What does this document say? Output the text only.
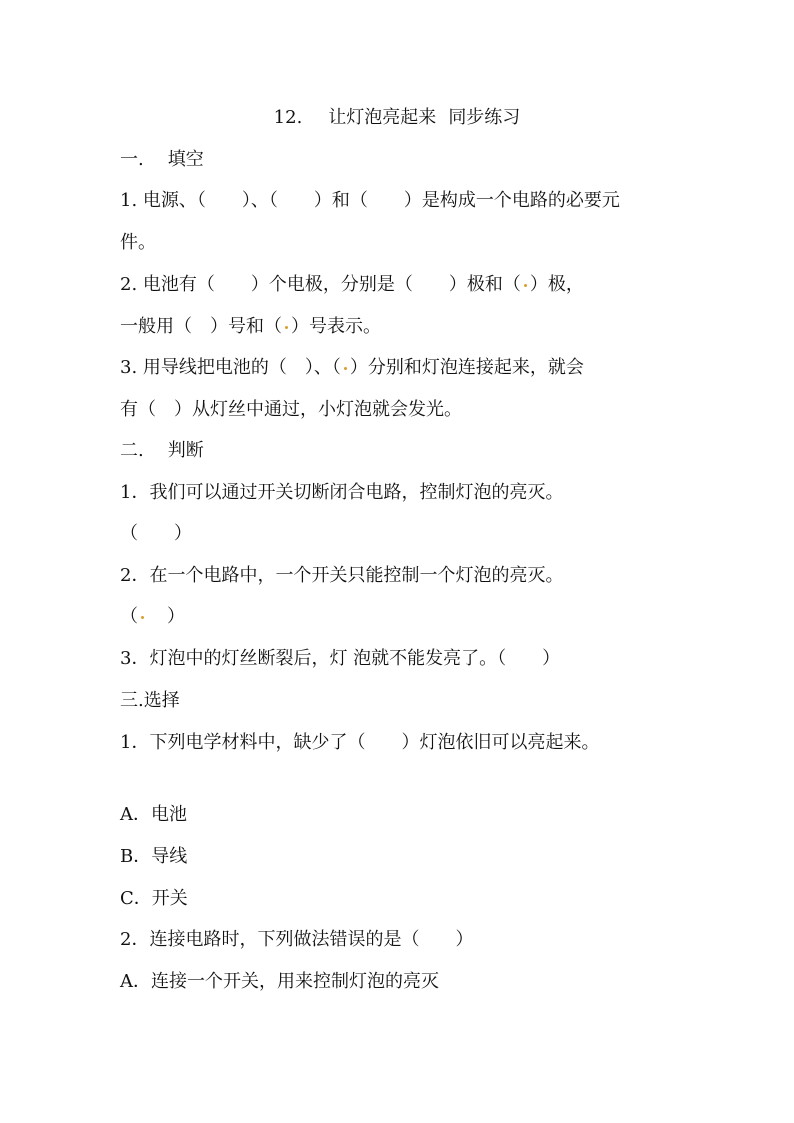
12. 让灯泡亮起来 同步练习
一. 填空
1. 电源、（　　）、（　　）和（　　）是构成一个电路的必要元
件。
2. 电池有（　　）个电极，分别是（　　）极和（ ）极，
一般用（　）号和（ ）号表示。
3. 用导线把电池的（　）、（ ）分别和灯泡连接起来，就会
有（　）从灯丝中通过，小灯泡就会发光。
二. 判断
1．我们可以通过开关切断闭合电路，控制灯泡的亮灭。
（　　）
2．在一个电路中，一个开关只能控制一个灯泡的亮灭。
（ ）
3．灯泡中的灯丝断裂后，灯 泡就不能发亮了。（　　）
三.选择
1．下列电学材料中，缺少了（　　）灯泡依旧可以亮起来。
A．电池
B．导线
C．开关
2．连接电路时，下列做法错误的是（　　）
A．连接一个开关，用来控制灯泡的亮灭
